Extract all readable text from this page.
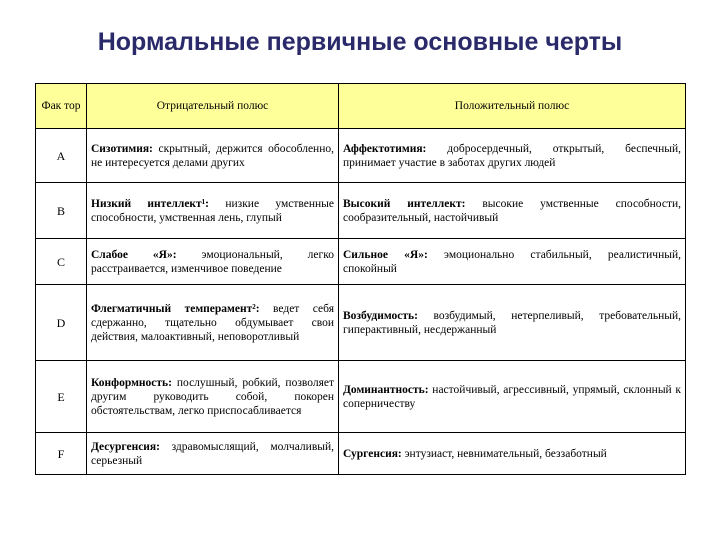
Нормальные первичные основные черты
Фак тор	Отрицательный полюс	Положительный полюс
A	Сизотимия: скрытный, держится обособленно, не интересуется делами других	Аффектотимия: добросердечный, открытый, беспечный, принимает участие в заботах других людей
B	Низкий интеллект¹: низкие умственные способности, умственная лень, глупый	Высокий интеллект: высокие умственные способности, сообразительный, настойчивый
C	Слабое «Я»: эмоциональный, легко расстраивается, изменчивое поведение	Сильное «Я»: эмоционально стабильный, реалистичный, спокойный
D	Флегматичный темперамент²: ведет себя сдержанно, тщательно обдумывает свои действия, малоактивный, неповоротливый	Возбудимость: возбудимый, нетерпеливый, требовательный, гиперактивный, несдержанный
E	Конформность: послушный, робкий, позволяет другим руководить собой, покорен обстоятельствам, легко приспосабливается	Доминантность: настойчивый, агрессивный, упрямый, склонный к соперничеству
F	Десургенсия: здравомыслящий, молчаливый, серьезный	Сургенсия: энтузиаст, невнимательный, беззаботный
